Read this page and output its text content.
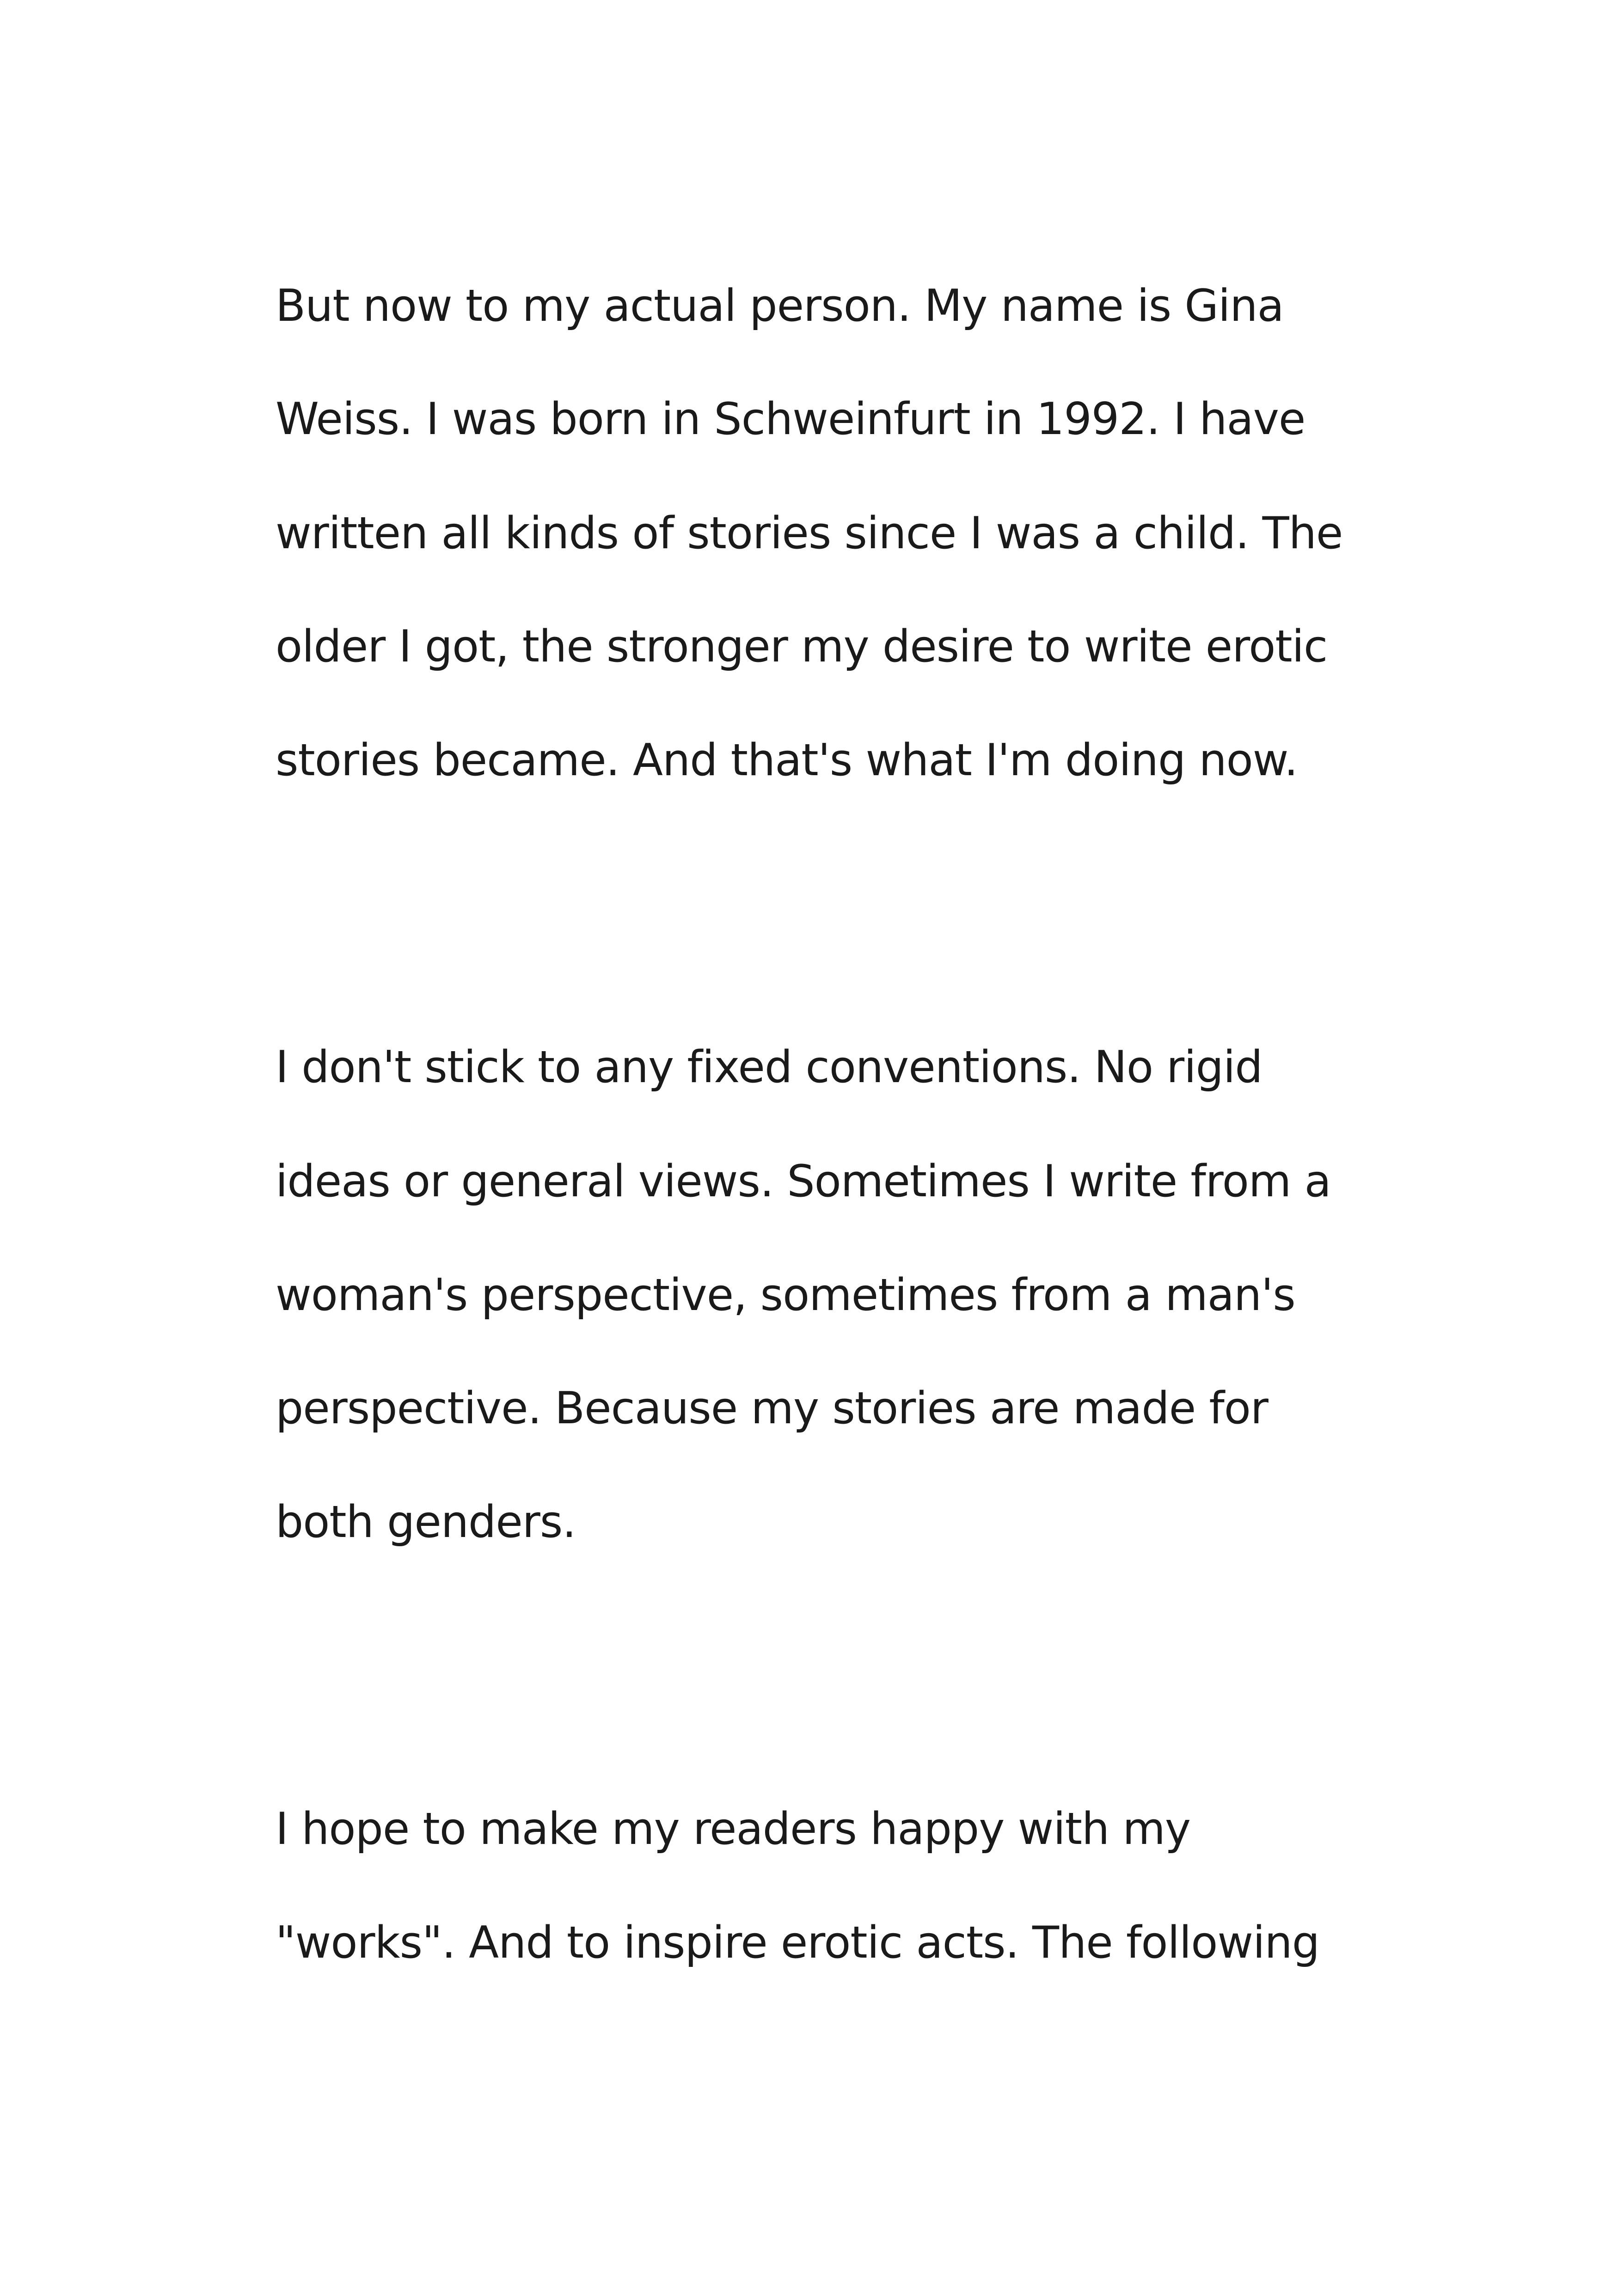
But now to my actual person. My name is Gina

Weiss. I was born in Schweinfurt in 1992. I have

written all kinds of stories since I was a child. The

older I got, the stronger my desire to write erotic

stories became. And that's what I'm doing now.

I don't stick to any fixed conventions. No rigid

ideas or general views. Sometimes I write from a

woman's perspective, sometimes from a man's

perspective. Because my stories are made for

both genders.

I hope to make my readers happy with my

"works". And to inspire erotic acts. The following
